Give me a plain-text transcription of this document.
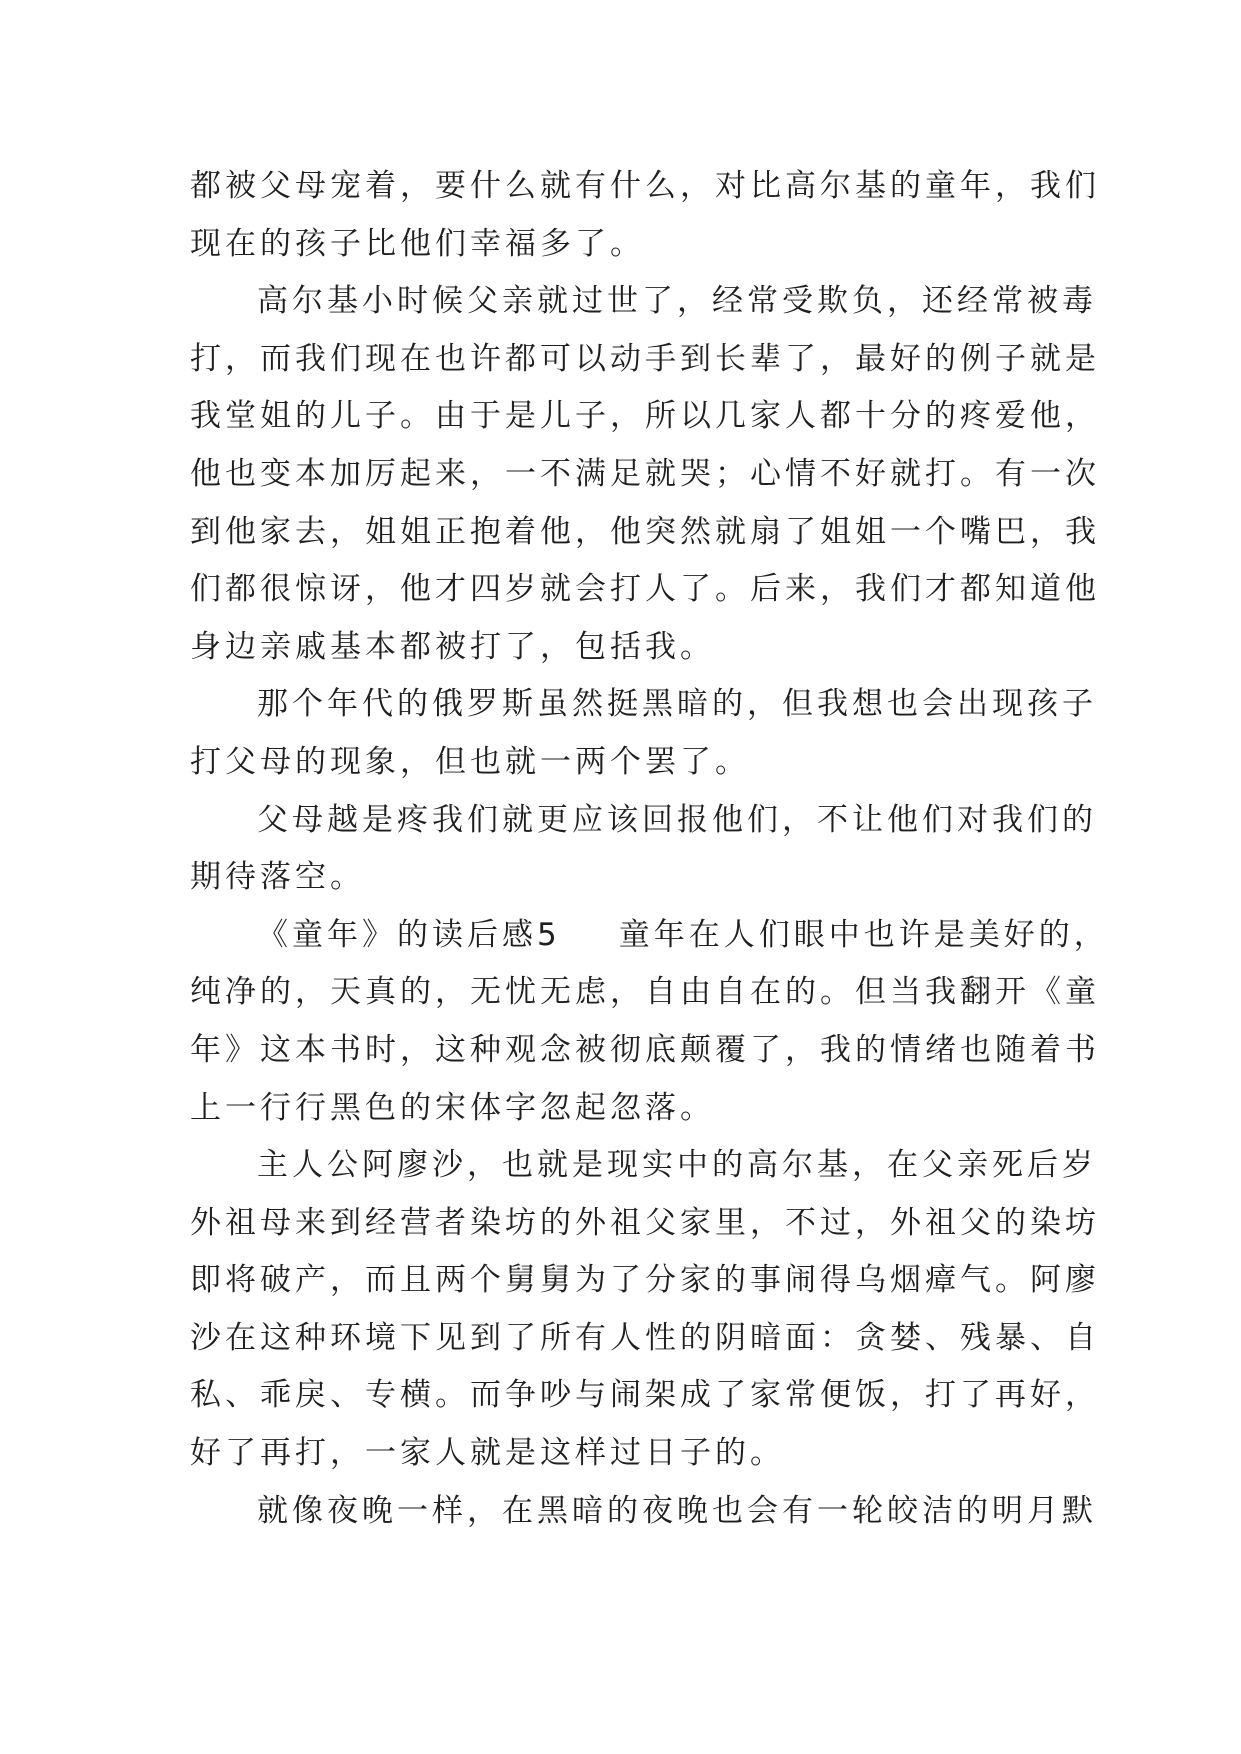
都被父母宠着，要什么就有什么，对比高尔基的童年，我们
现在的孩子比他们幸福多了。
高尔基小时候父亲就过世了，经常受欺负，还经常被毒
打，而我们现在也许都可以动手到长辈了，最好的例子就是
我堂姐的儿子。由于是儿子，所以几家人都十分的疼爱他，
他也变本加厉起来，一不满足就哭；心情不好就打。有一次
到他家去，姐姐正抱着他，他突然就扇了姐姐一个嘴巴，我
们都很惊讶，他才四岁就会打人了。后来，我们才都知道他
身边亲戚基本都被打了，包括我。
那个年代的俄罗斯虽然挺黑暗的，但我想也会出现孩子
打父母的现象，但也就一两个罢了。
父母越是疼我们就更应该回报他们，不让他们对我们的
期待落空。
《童年》的读后感5 童年在人们眼中也许是美好的，
纯净的，天真的，无忧无虑，自由自在的。但当我翻开《童
年》这本书时，这种观念被彻底颠覆了，我的情绪也随着书
上一行行黑色的宋体字忽起忽落。
主人公阿廖沙，也就是现实中的高尔基，在父亲死后岁
外祖母来到经营者染坊的外祖父家里，不过，外祖父的染坊
即将破产，而且两个舅舅为了分家的事闹得乌烟瘴气。阿廖
沙在这种环境下见到了所有人性的阴暗面：贪婪、残暴、自
私、乖戾、专横。而争吵与闹架成了家常便饭，打了再好，
好了再打，一家人就是这样过日子的。
就像夜晚一样，在黑暗的夜晚也会有一轮皎洁的明月默
